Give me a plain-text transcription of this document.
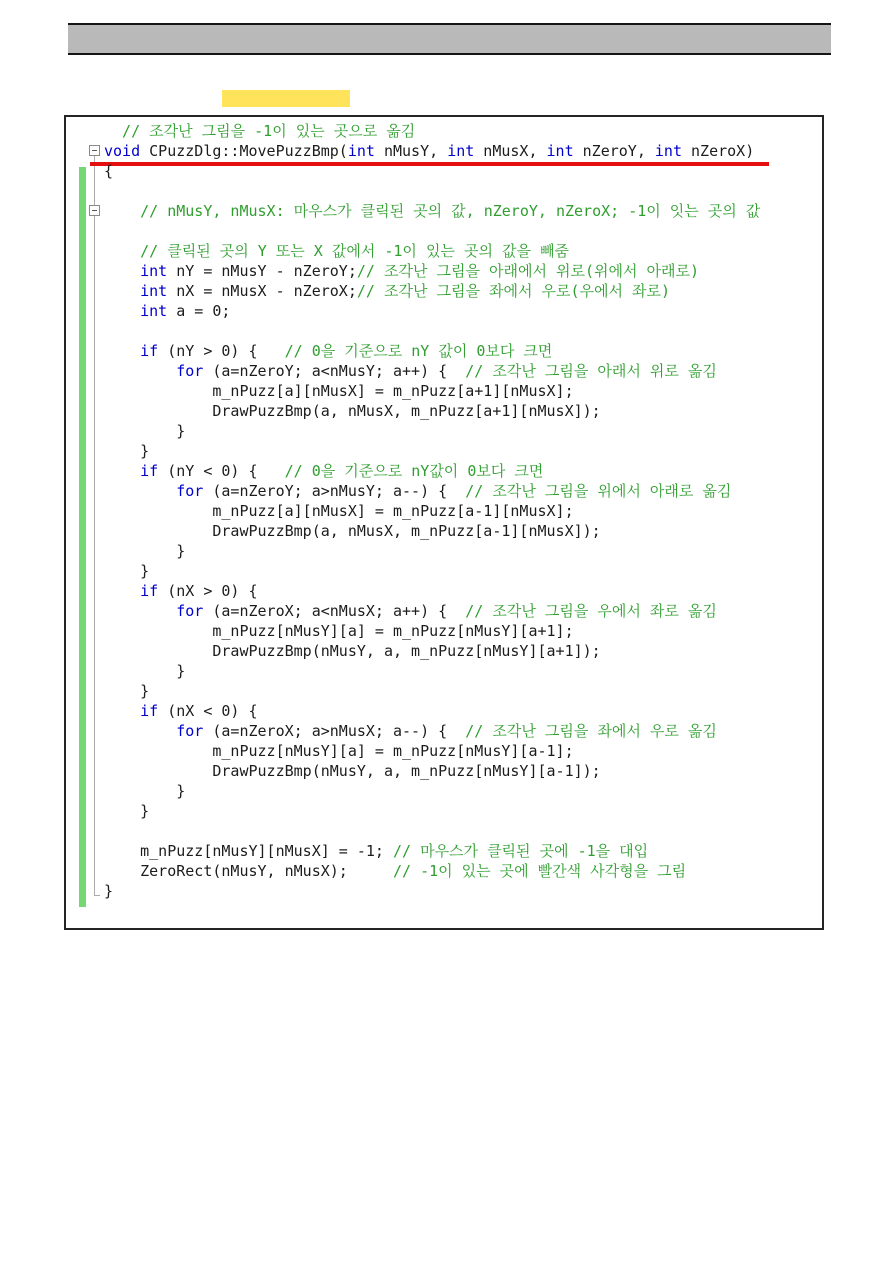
// 조각난 그림을 -1이 있는 곳으로 옮김
void CPuzzDlg::MovePuzzBmp(int nMusY, int nMusX, int nZeroY, int nZeroX)
{
// nMusY, nMusX: 마우스가 클릭된 곳의 값, nZeroY, nZeroX; -1이 잇는 곳의 값
// 클릭된 곳의 Y 또는 X 값에서 -1이 있는 곳의 값을 빼줌
int nY = nMusY - nZeroY;// 조각난 그림을 아래에서 위로(위에서 아래로)
int nX = nMusX - nZeroX;// 조각난 그림을 좌에서 우로(우에서 좌로)
int a = 0;
if (nY > 0) {   // 0을 기준으로 nY 값이 0보다 크면
for (a=nZeroY; a<nMusY; a++) {  // 조각난 그림을 아래서 위로 옮김
m_nPuzz[a][nMusX] = m_nPuzz[a+1][nMusX];
DrawPuzzBmp(a, nMusX, m_nPuzz[a+1][nMusX]);
}
}
if (nY < 0) {   // 0을 기준으로 nY값이 0보다 크면
for (a=nZeroY; a>nMusY; a--) {  // 조각난 그림을 위에서 아래로 옮김
m_nPuzz[a][nMusX] = m_nPuzz[a-1][nMusX];
DrawPuzzBmp(a, nMusX, m_nPuzz[a-1][nMusX]);
}
}
if (nX > 0) {
for (a=nZeroX; a<nMusX; a++) {  // 조각난 그림을 우에서 좌로 옮김
m_nPuzz[nMusY][a] = m_nPuzz[nMusY][a+1];
DrawPuzzBmp(nMusY, a, m_nPuzz[nMusY][a+1]);
}
}
if (nX < 0) {
for (a=nZeroX; a>nMusX; a--) {  // 조각난 그림을 좌에서 우로 옮김
m_nPuzz[nMusY][a] = m_nPuzz[nMusY][a-1];
DrawPuzzBmp(nMusY, a, m_nPuzz[nMusY][a-1]);
}
}
m_nPuzz[nMusY][nMusX] = -1; // 마우스가 클릭된 곳에 -1을 대입
ZeroRect(nMusY, nMusX);     // -1이 있는 곳에 빨간색 사각형을 그림
}
